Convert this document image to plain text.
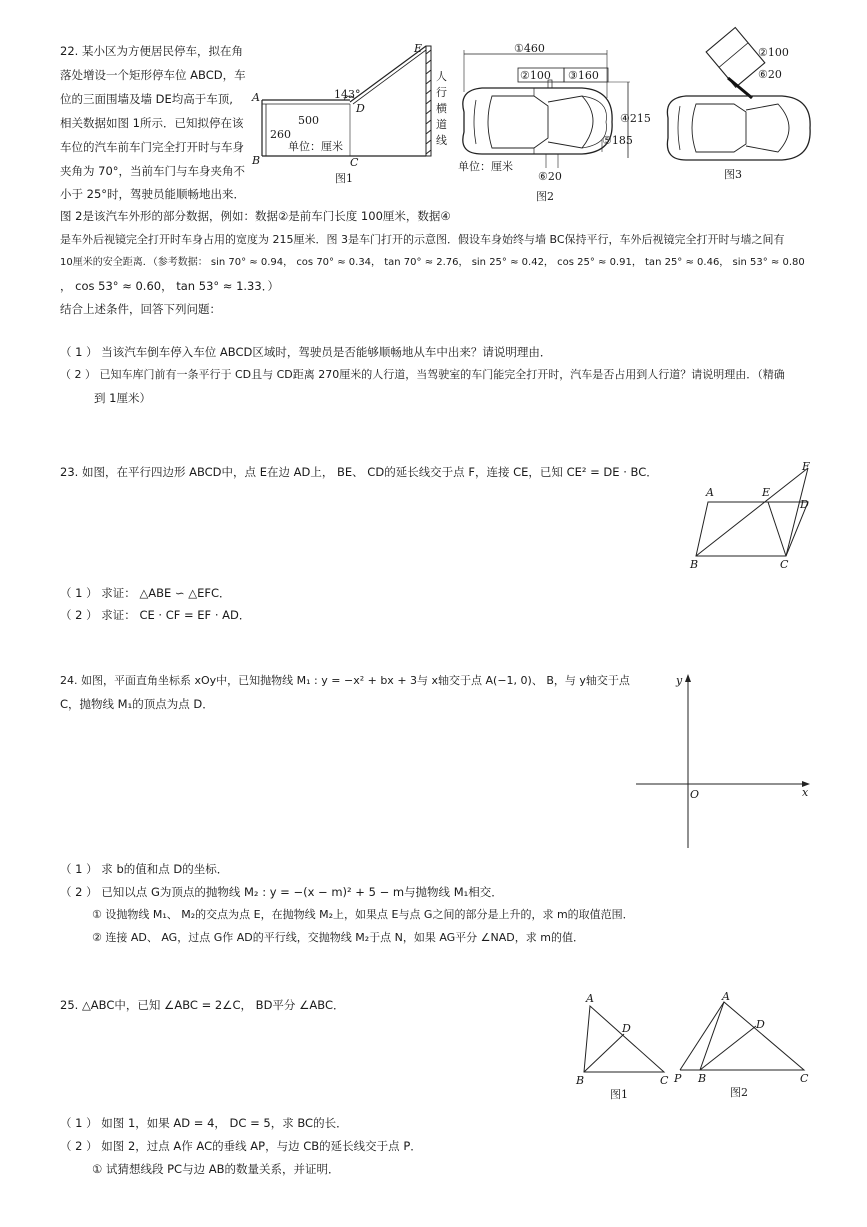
22. 某小区为方便居民停车，拟在角
落处增设一个矩形停车位 ABCD，车
位的三面围墙及墙 DE均高于车顶,
相关数据如图 1所示．已知拟停在该
车位的汽车前车门完全打开时与车身
夹角为 70°，当前车门与车身夹角不
小于 25°时，驾驶员能顺畅地出来．
图 2是该汽车外形的部分数据，例如：数据②是前车门长度 100厘米，数据④
是车外后视镜完全打开时车身占用的宽度为 215厘米．图 3是车门打开的示意图．假设车身始终与墙 BC保持平行，车外后视镜完全打开时与墙之间有
10厘米的安全距离．（参考数据： sin 70° ≈ 0.94， cos 70° ≈ 0.34， tan 70° ≈ 2.76， sin 25° ≈ 0.42， cos 25° ≈ 0.91， tan 25° ≈ 0.46， sin 53° ≈ 0.80
， cos 53° ≈ 0.60， tan 53° ≈ 1.33．）
结合上述条件，回答下列问题：
（ 1 ） 当该汽车倒车停入车位 ABCD区域时，驾驶员是否能够顺畅地从车中出来？请说明理由．
（ 2 ） 已知车库门前有一条平行于 CD且与 CD距离 270厘米的人行道，当驾驶室的车门能完全打开时，汽车是否占用到人行道？请说明理由．（精确
到 1厘米）
A
B	C
D
E
143°
500
260
单位：厘米
人
行
横
道
线
图1
①460
②100 ③160
④215
⑤185
⑥20
单位：厘米
图2
②100
⑥20
图3
23. 如图，在平行四边形 ABCD中，点 E在边 AD上， BE、 CD的延长线交于点 F，连接 CE，已知 CE² = DE · BC．
（ 1 ） 求证： △ABE ∽ △EFC．
（ 2 ） 求证： CE · CF = EF · AD．
A
B	C
D
E
F
24. 如图，平面直角坐标系 xOy中，已知抛物线 M₁ : y = −x² + bx + 3与 x轴交于点 A(−1, 0)、 B，与 y轴交于点
C，抛物线 M₁的顶点为点 D．
y
x
O
（ 1 ） 求 b的值和点 D的坐标．
（ 2 ） 已知以点 G为顶点的抛物线 M₂ : y = −(x − m)² + 5 − m与抛物线 M₁相交．
① 设抛物线 M₁、 M₂的交点为点 E，在抛物线 M₂上，如果点 E与点 G之间的部分是上升的，求 m的取值范围．
② 连接 AD、 AG，过点 G作 AD的平行线，交抛物线 M₂于点 N，如果 AG平分 ∠NAD，求 m的值．
25. △ABC中，已知 ∠ABC = 2∠C， BD平分 ∠ABC．	A
B	C
D
图1
A
P B	C
D
图2
（ 1 ） 如图 1，如果 AD = 4， DC = 5，求 BC的长．
（ 2 ） 如图 2，过点 A作 AC的垂线 AP，与边 CB的延长线交于点 P．
① 试猜想线段 PC与边 AB的数量关系，并证明．
